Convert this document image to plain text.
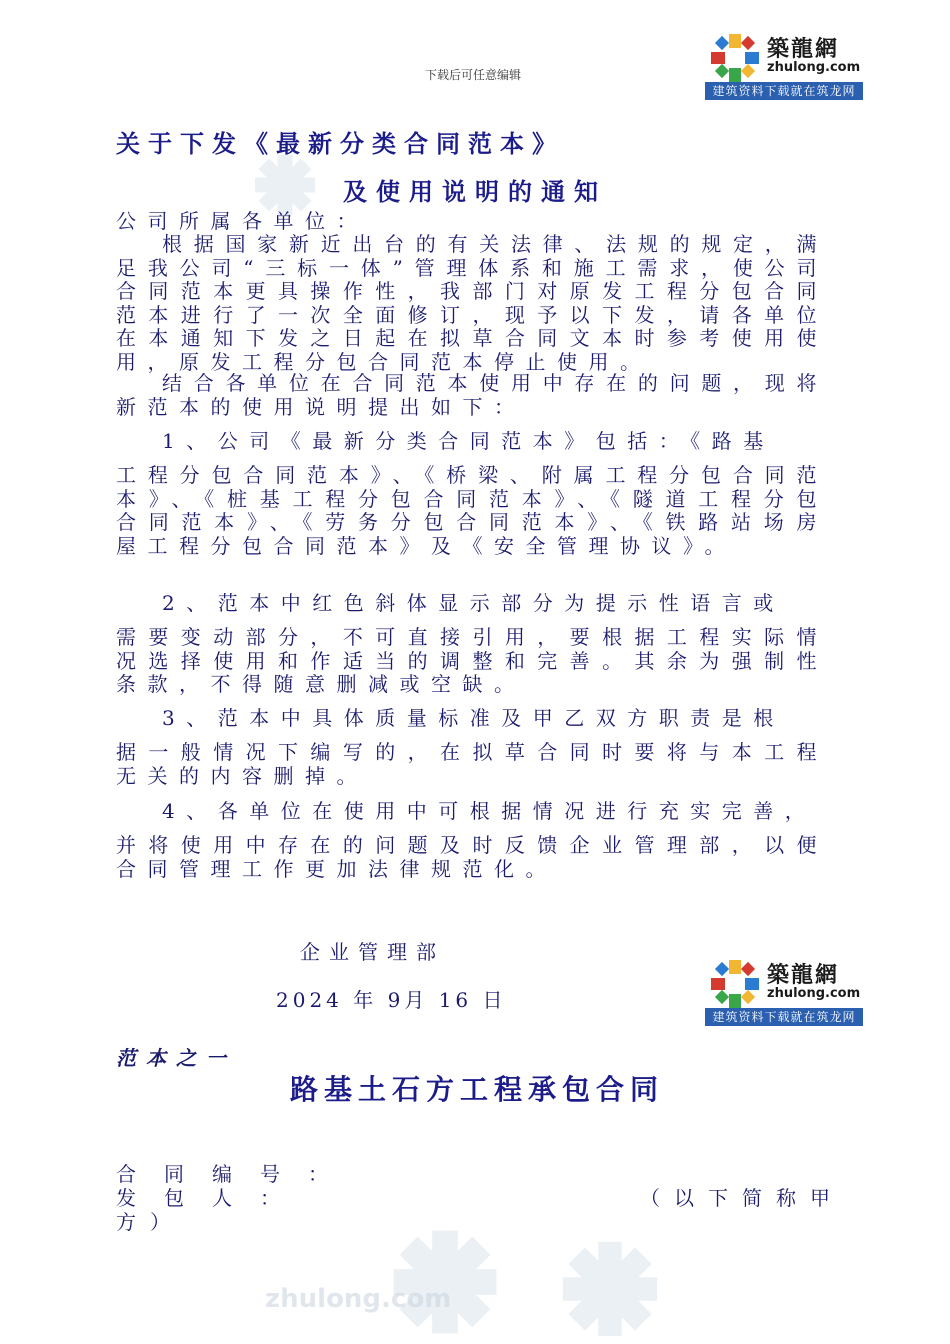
下载后可任意编辑
築龍網
zhulong.com
建筑资料下载就在筑龙网
zhulong.com
关于下发《最新分类合同范本》
及使用说明的通知
公司所属各单位：
根据国家新近出台的有关法律、法规的规定，满足我公司“三标一体”管理体系和施工需求，使公司合同范本更具操作性，我部门对原发工程分包合同范本进行了一次全面修订，现予以下发，请各单位在本通知下发之日起在拟草合同文本时参考使用使用，原发工程分包合同范本停止使用。
结合各单位在合同范本使用中存在的问题，现将新范本的使用说明提出如下：
1、公司《最新分类合同范本》包括：《路基
工程分包合同范本》、《桥梁、附属工程分包合同范本》、《桩基工程分包合同范本》、《隧道工程分包合同范本》、《劳务分包合同范本》、《铁路站场房屋工程分包合同范本》及《安全管理协议》。
2、范本中红色斜体显示部分为提示性语言或
需要变动部分，不可直接引用，要根据工程实际情况选择使用和作适当的调整和完善。其余为强制性条款，不得随意删减或空缺。
3、范本中具体质量标准及甲乙双方职责是根
据一般情况下编写的，在拟草合同时要将与本工程无关的内容删掉。
4、各单位在使用中可根据情况进行充实完善，
并将使用中存在的问题及时反馈企业管理部，以便合同管理工作更加法律规范化。
企业管理部
2024 年 9月 16 日
築龍網
zhulong.com
建筑资料下载就在筑龙网
范本之一
路基土石方工程承包合同
合同编号：
发包人：	（以下简称甲
方）
